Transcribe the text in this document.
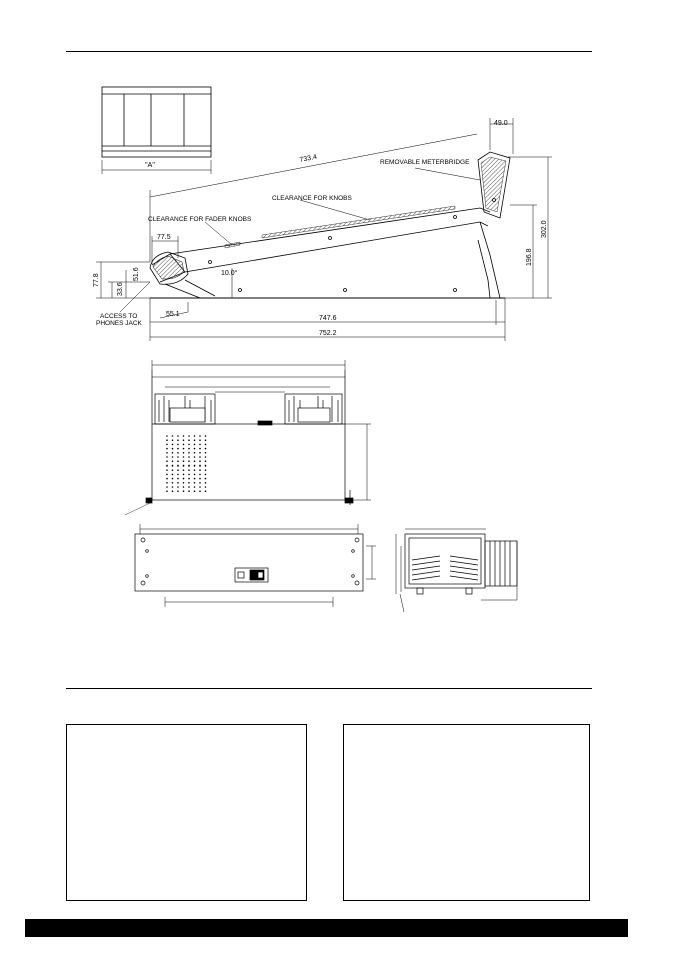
"A"
733.4
49.0
302.0
196.8
77.5
77.8	51.6
33.6
10.0°
55.1
747.6
752.2
REMOVABLE METERBRIDGE
CLEARANCE FOR KNOBS
CLEARANCE FOR FADER KNOBS
ACCESS TO
PHONES JACK
